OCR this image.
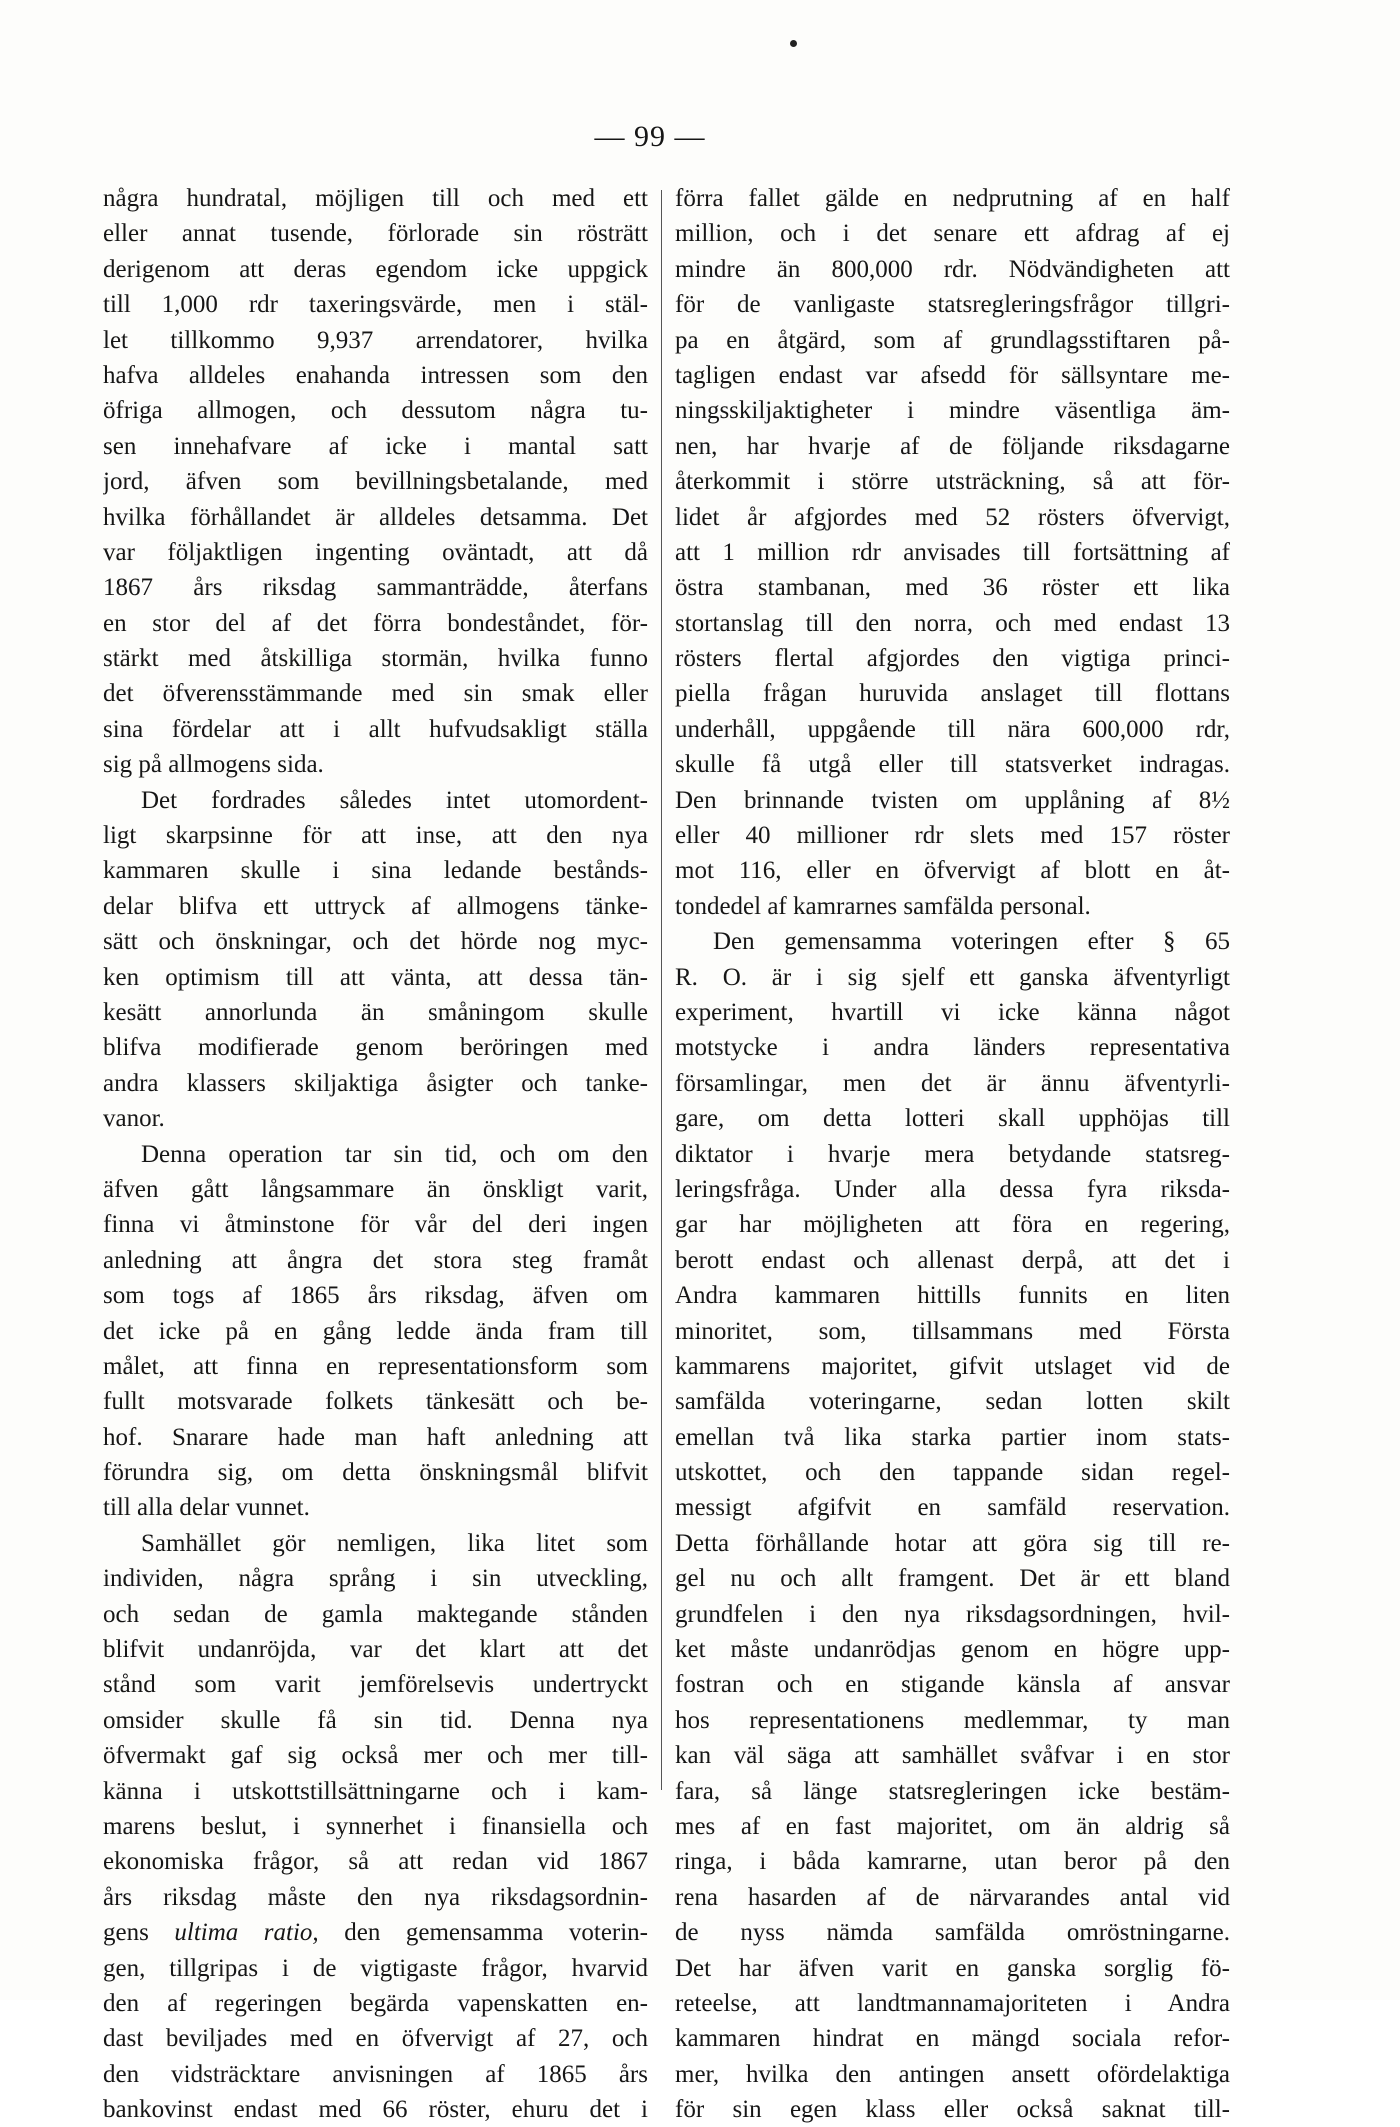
— 99 —
några hundratal, möjligen till och med ett
eller annat tusende, förlorade sin rösträtt
derigenom att deras egendom icke uppgick
till 1,000 rdr taxeringsvärde, men i stäl-
let tillkommo 9,937 arrendatorer, hvilka
hafva alldeles enahanda intressen som den
öfriga allmogen, och dessutom några tu-
sen innehafvare af icke i mantal satt
jord, äfven som bevillningsbetalande, med
hvilka förhållandet är alldeles detsamma. Det
var följaktligen ingenting oväntadt, att då
1867 års riksdag sammanträdde, återfans
en stor del af det förra bondeståndet, för-
stärkt med åtskilliga stormän, hvilka funno
det öfverensstämmande med sin smak eller
sina fördelar att i allt hufvudsakligt ställa
sig på allmogens sida.
Det fordrades således intet utomordent-
ligt skarpsinne för att inse, att den nya
kammaren skulle i sina ledande bestånds-
delar blifva ett uttryck af allmogens tänke-
sätt och önskningar, och det hörde nog myc-
ken optimism till att vänta, att dessa tän-
kesätt annorlunda än småningom skulle
blifva modifierade genom beröringen med
andra klassers skiljaktiga åsigter och tanke-
vanor.
Denna operation tar sin tid, och om den
äfven gått långsammare än önskligt varit,
finna vi åtminstone för vår del deri ingen
anledning att ångra det stora steg framåt
som togs af 1865 års riksdag, äfven om
det icke på en gång ledde ända fram till
målet, att finna en representationsform som
fullt motsvarade folkets tänkesätt och be-
hof. Snarare hade man haft anledning att
förundra sig, om detta önskningsmål blifvit
till alla delar vunnet.
Samhället gör nemligen, lika litet som
individen, några språng i sin utveckling,
och sedan de gamla maktegande stånden
blifvit undanröjda, var det klart att det
stånd som varit jemförelsevis undertryckt
omsider skulle få sin tid. Denna nya
öfvermakt gaf sig också mer och mer till-
känna i utskottstillsättningarne och i kam-
marens beslut, i synnerhet i finansiella och
ekonomiska frågor, så att redan vid 1867
års riksdag måste den nya riksdagsordnin-
gens ultima ratio, den gemensamma voterin-
gen, tillgripas i de vigtigaste frågor, hvarvid
den af regeringen begärda vapenskatten en-
dast beviljades med en öfvervigt af 27, och
den vidsträcktare anvisningen af 1865 års
bankovinst endast med 66 röster, ehuru det i
förra fallet gälde en nedprutning af en half
million, och i det senare ett afdrag af ej
mindre än 800,000 rdr. Nödvändigheten att
för de vanligaste statsregleringsfrågor tillgri-
pa en åtgärd, som af grundlagsstiftaren på-
tagligen endast var afsedd för sällsyntare me-
ningsskiljaktigheter i mindre väsentliga äm-
nen, har hvarje af de följande riksdagarne
återkommit i större utsträckning, så att för-
lidet år afgjordes med 52 rösters öfvervigt,
att 1 million rdr anvisades till fortsättning af
östra stambanan, med 36 röster ett lika
stortanslag till den norra, och med endast 13
rösters flertal afgjordes den vigtiga princi-
piella frågan huruvida anslaget till flottans
underhåll, uppgående till nära 600,000 rdr,
skulle få utgå eller till statsverket indragas.
Den brinnande tvisten om upplåning af 8½
eller 40 millioner rdr slets med 157 röster
mot 116, eller en öfvervigt af blott en åt-
tondedel af kamrarnes samfälda personal.
Den gemensamma voteringen efter § 65
R. O. är i sig sjelf ett ganska äfventyrligt
experiment, hvartill vi icke känna något
motstycke i andra länders representativa
församlingar, men det är ännu äfventyrli-
gare, om detta lotteri skall upphöjas till
diktator i hvarje mera betydande statsreg-
leringsfråga. Under alla dessa fyra riksda-
gar har möjligheten att föra en regering,
berott endast och allenast derpå, att det i
Andra kammaren hittills funnits en liten
minoritet, som, tillsammans med Första
kammarens majoritet, gifvit utslaget vid de
samfälda voteringarne, sedan lotten skilt
emellan två lika starka partier inom stats-
utskottet, och den tappande sidan regel-
messigt afgifvit en samfäld reservation.
Detta förhållande hotar att göra sig till re-
gel nu och allt framgent. Det är ett bland
grundfelen i den nya riksdagsordningen, hvil-
ket måste undanrödjas genom en högre upp-
fostran och en stigande känsla af ansvar
hos representationens medlemmar, ty man
kan väl säga att samhället svåfvar i en stor
fara, så länge statsregleringen icke bestäm-
mes af en fast majoritet, om än aldrig så
ringa, i båda kamrarne, utan beror på den
rena hasarden af de närvarandes antal vid
de nyss nämda samfälda omröstningarne.
Det har äfven varit en ganska sorglig fö-
reteelse, att landtmannamajoriteten i Andra
kammaren hindrat en mängd sociala refor-
mer, hvilka den antingen ansett ofördelaktiga
för sin egen klass eller också saknat till-
